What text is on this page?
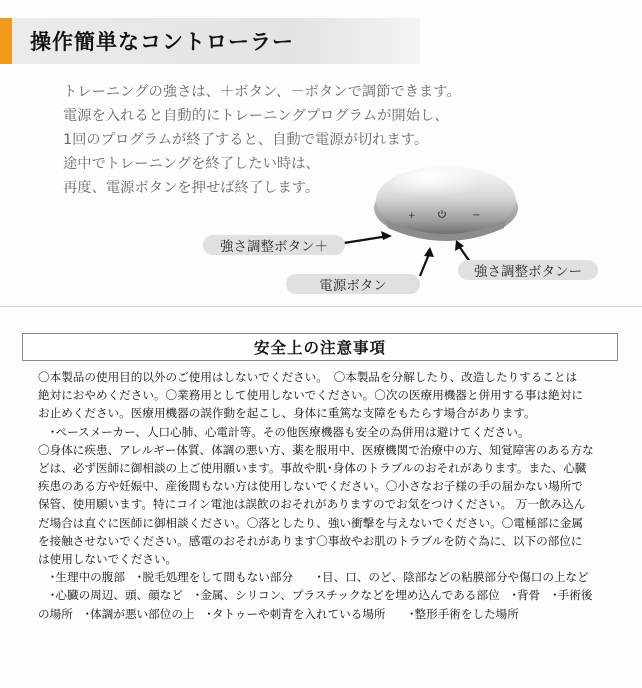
操作簡単なコントローラー
トレーニングの強さは、＋ボタン、－ボタンで調節できます。
電源を入れると自動的にトレーニングプログラムが開始し、
1回のプログラムが終了すると、自動で電源が切れます。
途中でトレーニングを終了したい時は、
再度、電源ボタンを押せば終了します。
+	−
強さ調整ボタン＋
電源ボタン
強さ調整ボタンー
安全上の注意事項
〇本製品の使用目的以外のご使用はしないでください。　〇本製品を分解したり、改造したりすることは
絶対におやめください。〇業務用として使用しないでください。〇次の医療用機器と併用する事は絶対に
お止めください。医療用機器の誤作動を起こし、身体に重篤な支障をもたらす場合があります。
　･ペースメーカー、人口心肺、心電計等。その他医療機器も安全の為併用は避けてください。
〇身体に疾患、アレルギー体質、体調の悪い方、薬を服用中、医療機関で治療中の方、知覚障害のある方な
どは、必ず医師に御相談の上ご使用願います。事故や肌･身体のトラブルのおそれがあります。また、心臓
疾患のある方や妊娠中、産後間もない方は使用しないでください。〇小さなお子様の手の届かない場所で
保管、使用願います。特にコイン電池は誤飲のおそれがありますのでお気をつけください。 万一飲み込ん
だ場合は直ぐに医師に御相談ください。〇落としたり、強い衝撃を与えないでください。〇電極部に金属
を接触させないでください。感電のおそれがあります〇事故やお肌のトラブルを防ぐ為に、以下の部位に
は使用しないでください。
　･生理中の腹部　･脱毛処理をして間もない部分　　･目、口、のど、陰部などの粘膜部分や傷口の上など
　･心臓の周辺、頭、顔など　･金属、シリコン、プラスチックなどを埋め込んである部位　･背骨　･手術後
の場所　･体調が悪い部位の上　･タトゥーや刺青を入れている場所　　･整形手術をした場所
